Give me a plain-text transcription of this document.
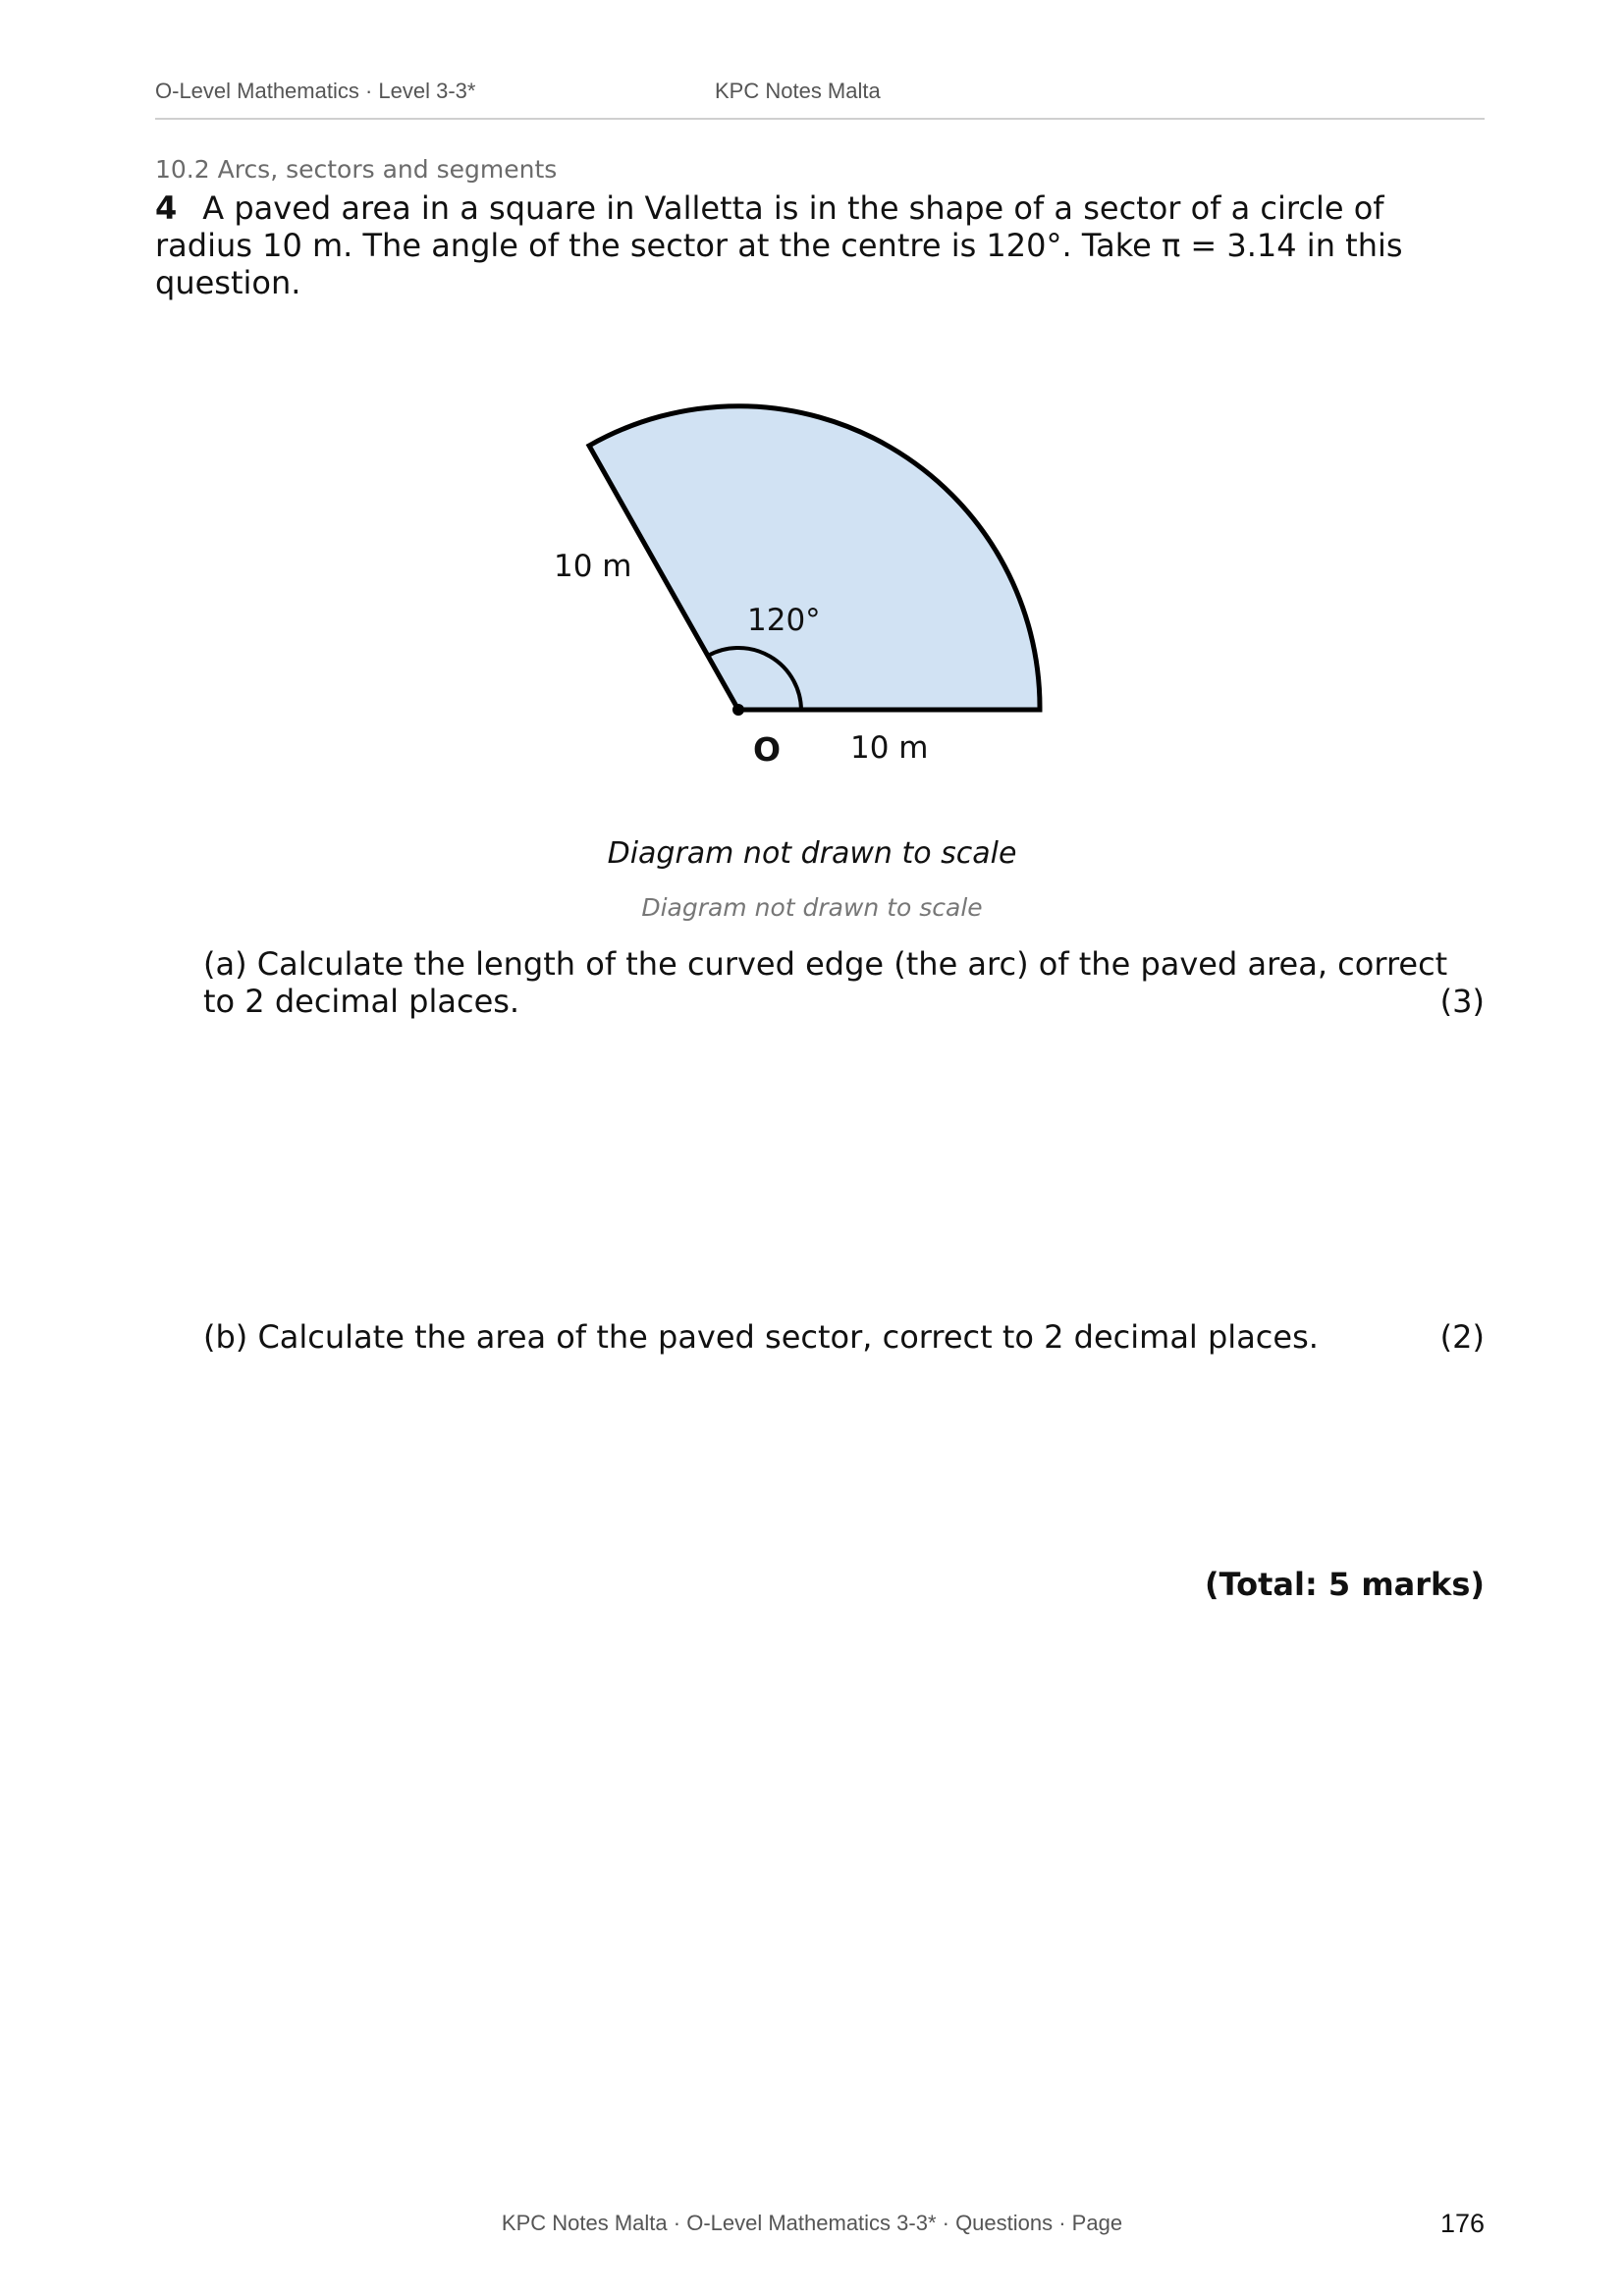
O-Level Mathematics · Level 3-3*	KPC Notes Malta
10.2 Arcs, sectors and segments
4 A paved area in a square in Valletta is in the shape of a sector of a circle of radius 10 m. The angle of the sector at the centre is 120°. Take π = 3.14 in this question.
10 m
120°
O 10 m
Diagram not drawn to scale
Diagram not drawn to scale
(a) Calculate the length of the curved edge (the arc) of the paved area, correct to 2 decimal places.	(3)
(b) Calculate the area of the paved sector, correct to 2 decimal places.	(2)
(Total: 5 marks)
KPC Notes Malta · O-Level Mathematics 3-3* · Questions · Page	176
